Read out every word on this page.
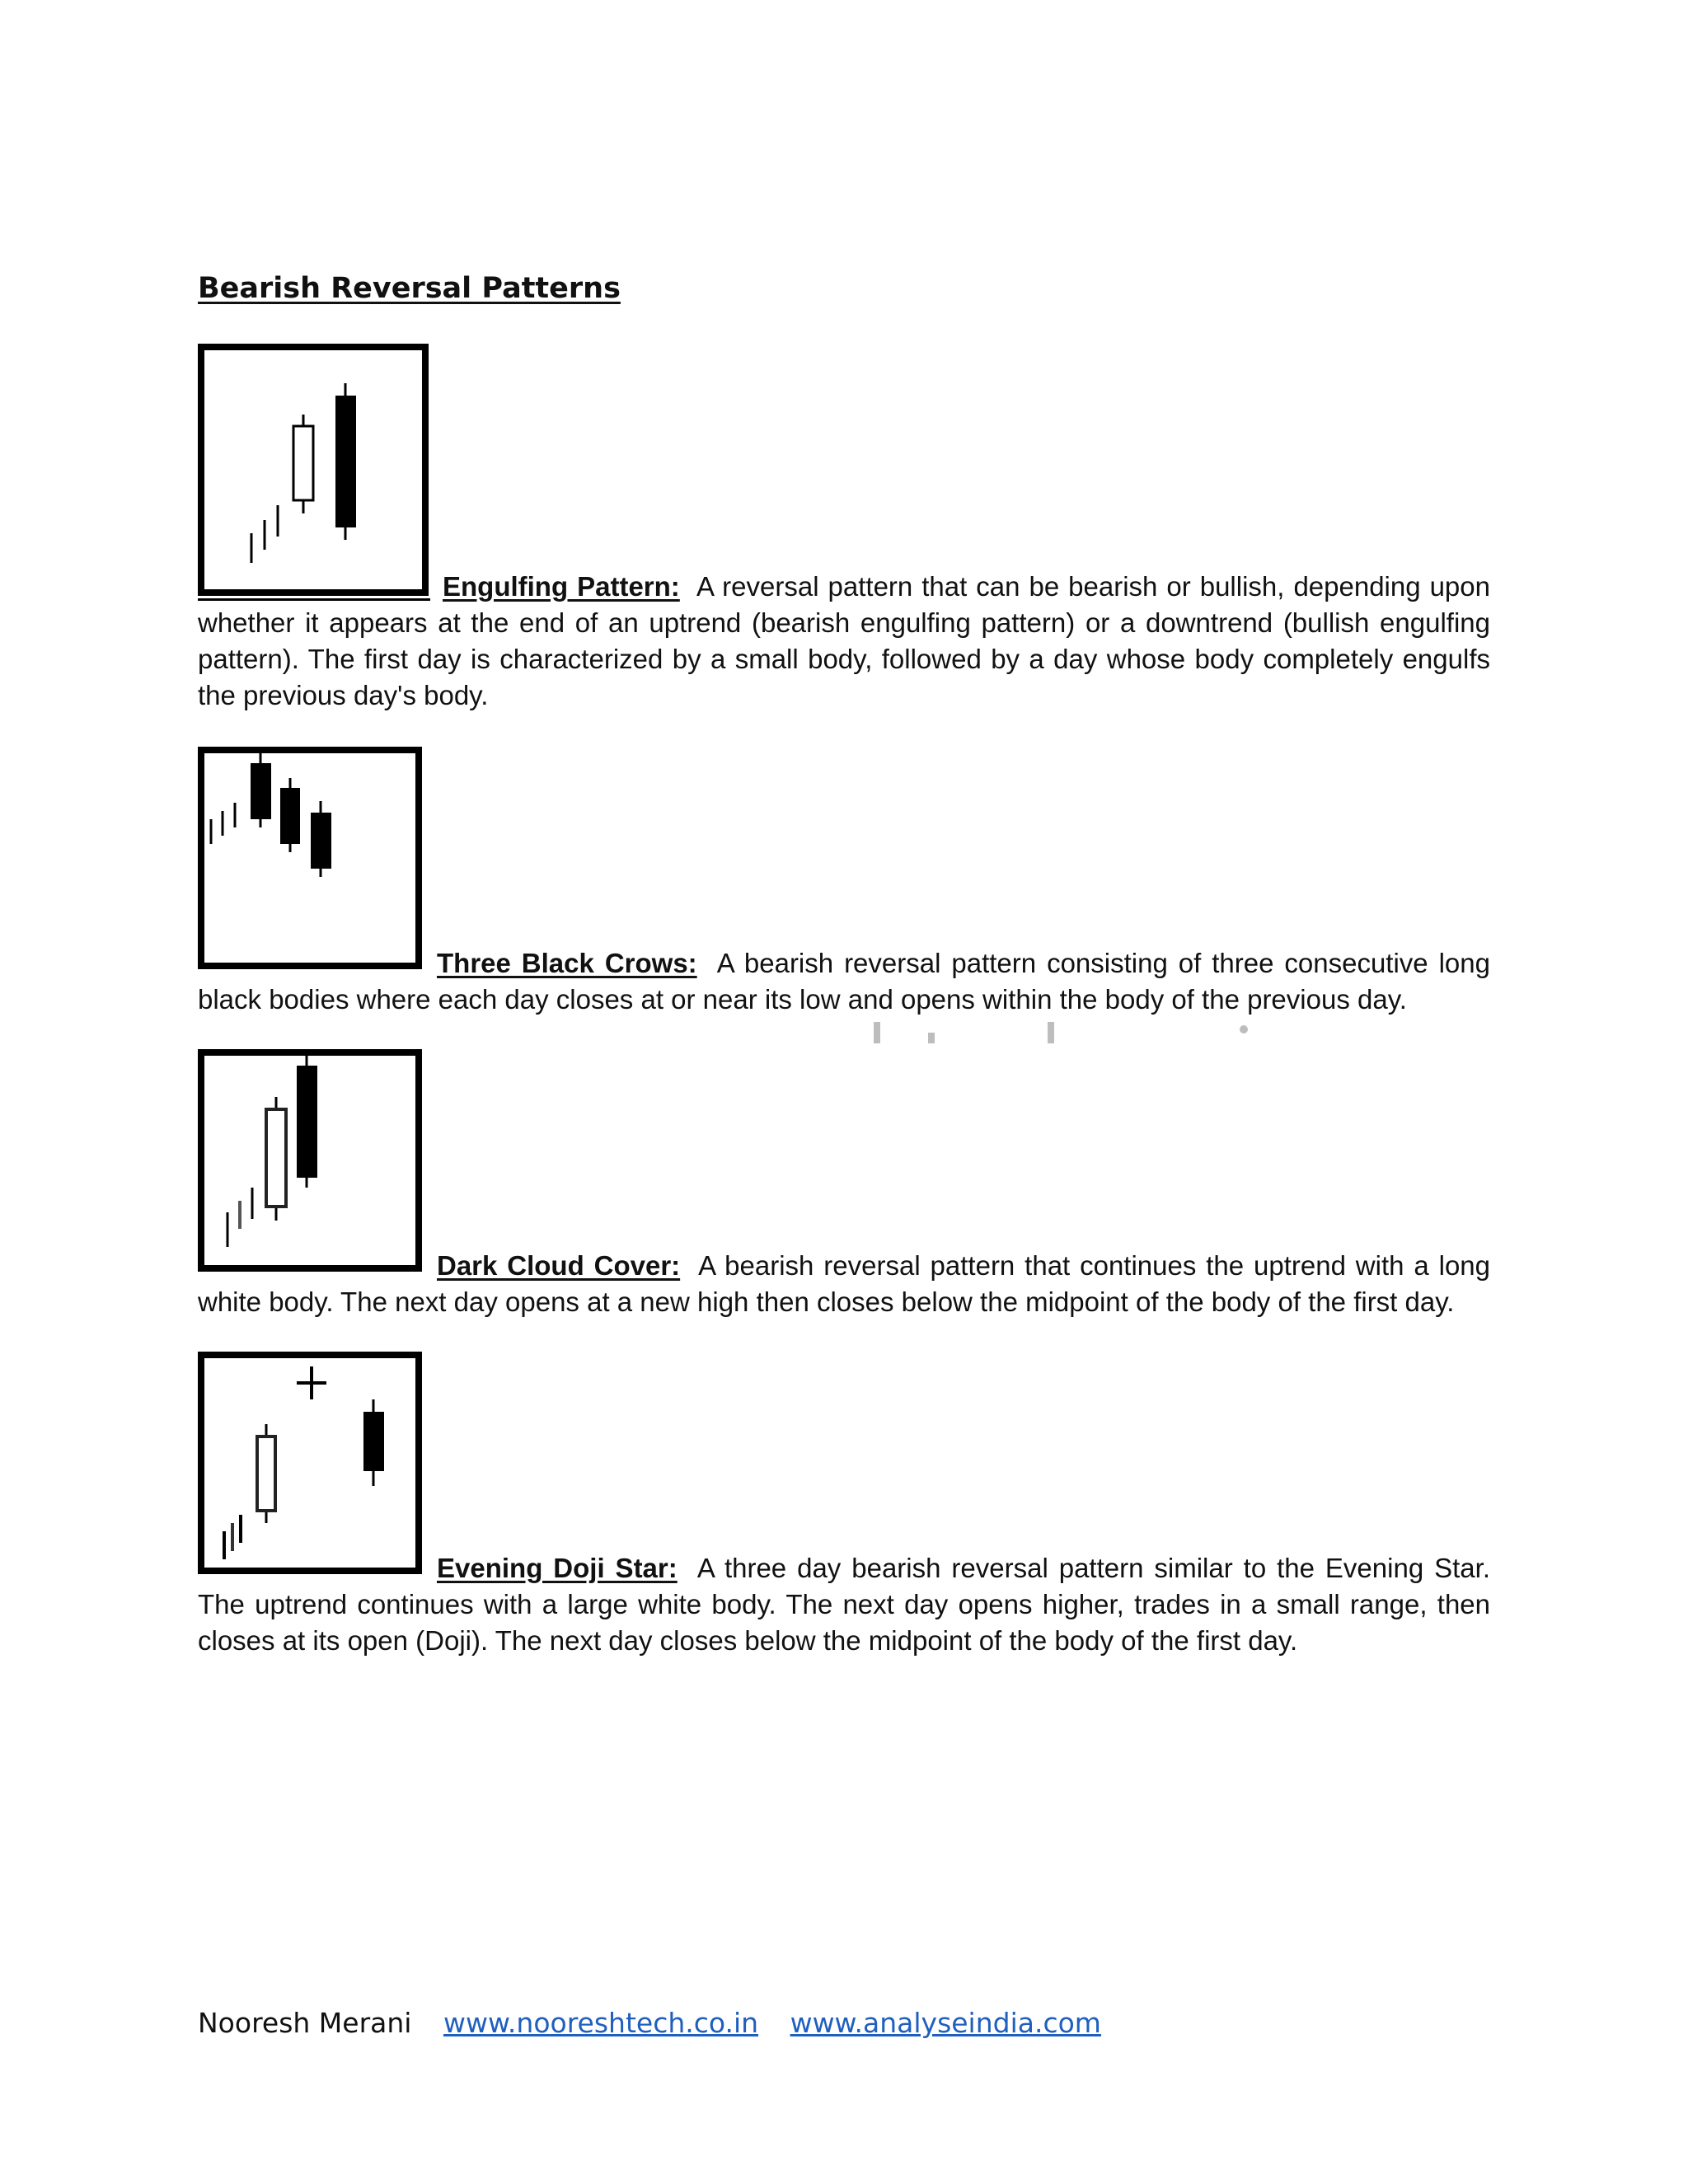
Bearish Reversal Patterns

Engulfing Pattern: A reversal pattern that can be bearish or bullish, depending upon whether it appears at the end of an uptrend (bearish engulfing pattern) or a downtrend (bullish engulfing pattern). The first day is characterized by a small body, followed by a day whose body completely engulfs the previous day's body.

Three Black Crows: A bearish reversal pattern consisting of three consecutive long black bodies where each day closes at or near its low and opens within the body of the previous day.

Dark Cloud Cover: A bearish reversal pattern that continues the uptrend with a long white body. The next day opens at a new high then closes below the midpoint of the body of the first day.

Evening Doji Star: A three day bearish reversal pattern similar to the Evening Star. The uptrend continues with a large white body. The next day opens higher, trades in a small range, then closes at its open (Doji). The next day closes below the midpoint of the body of the first day.

Nooresh Merani www.nooreshtech.co.in www.analyseindia.com
